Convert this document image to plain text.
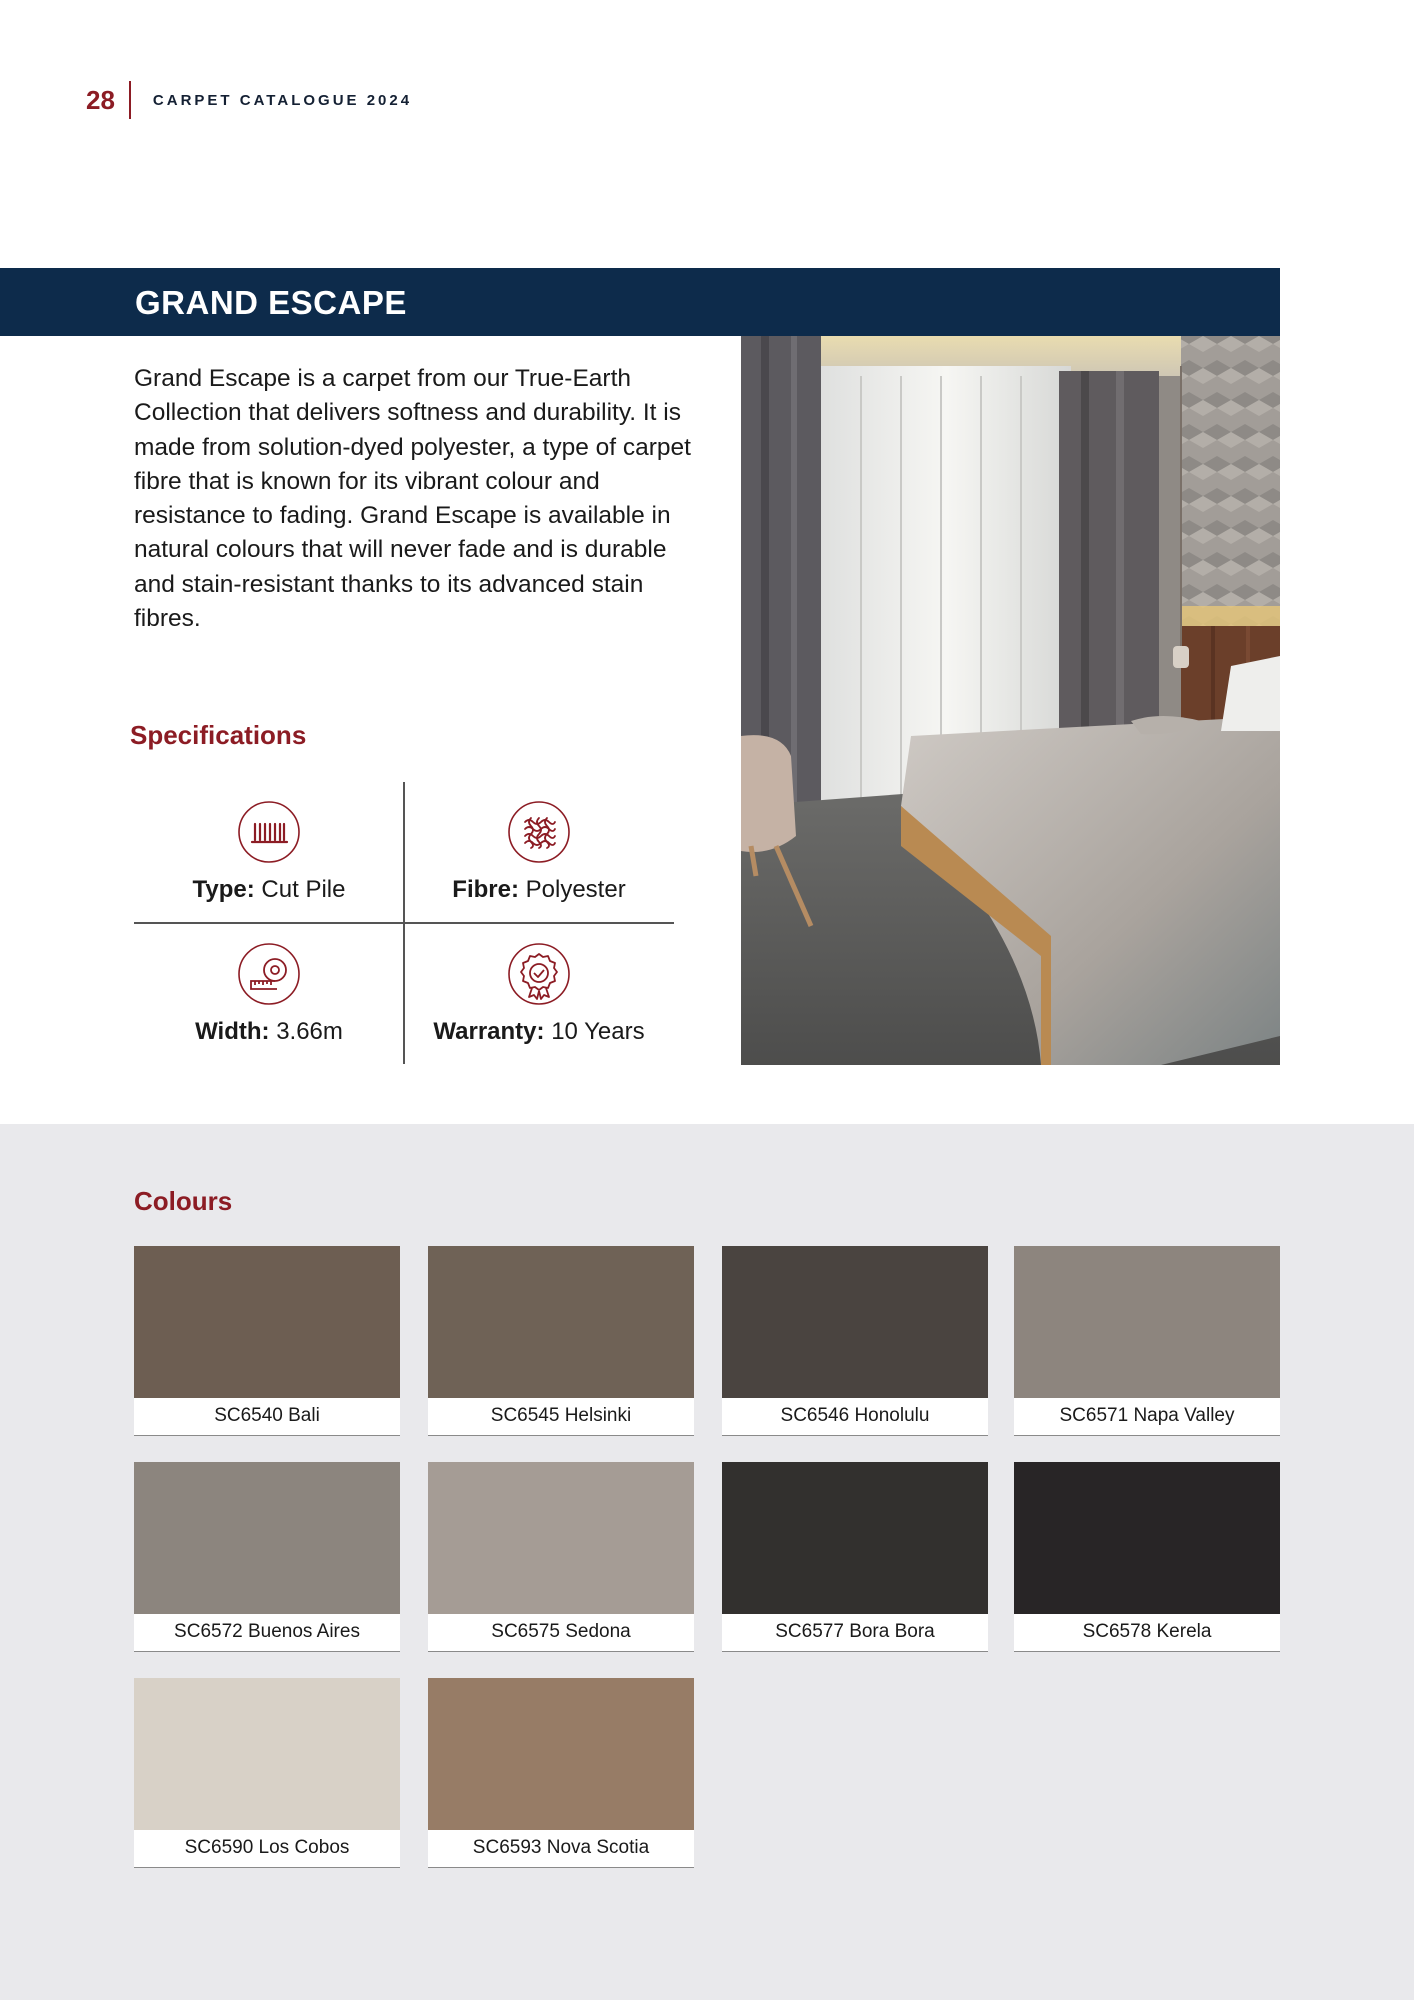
28	CARPET CATALOGUE 2024
GRAND ESCAPE

Grand Escape is a carpet from our True-Earth Collection that delivers softness and durability. It is made from solution-dyed polyester, a type of carpet fibre that is known for its vibrant colour and resistance to fading. Grand Escape is available in natural colours that will never fade and is durable and stain-resistant thanks to its advanced stain fibres.

Specifications
Type: Cut Pile	Fibre: Polyester
Width: 3.66m	Warranty: 10 Years
Colours
SC6540 Bali	SC6545 Helsinki	SC6546 Honolulu	SC6571 Napa Valley
SC6572 Buenos Aires	SC6575 Sedona	SC6577 Bora Bora	SC6578 Kerela
SC6590 Los Cobos	SC6593 Nova Scotia
